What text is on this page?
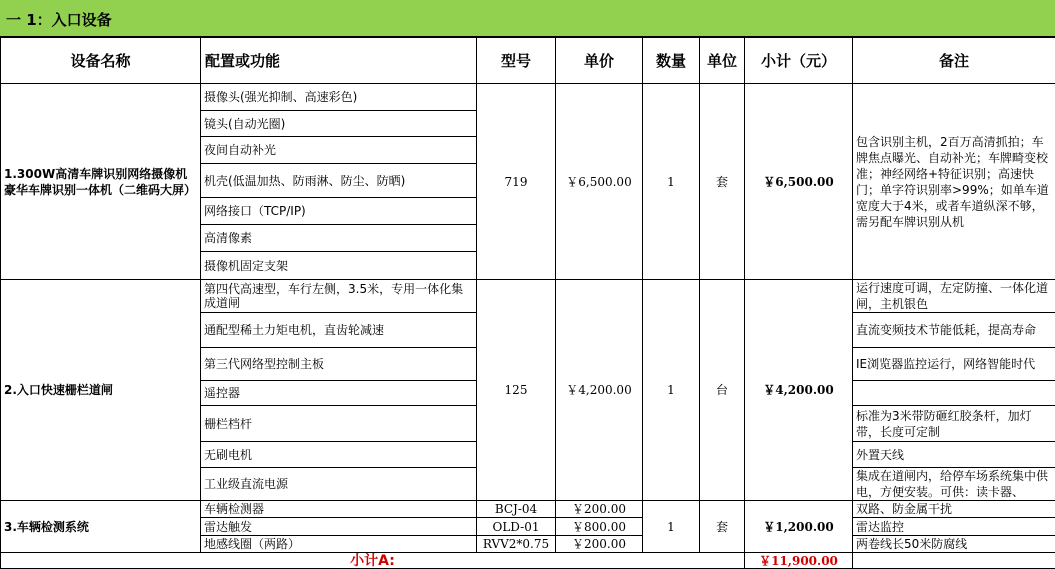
一 1：入口设备
设备名称	配置或功能	型号	单价	数量	单位	小计（元）	备注
1.300W高清车牌识别网络摄像机豪华车牌识别一体机（二维码大屏）	摄像头(强光抑制、高速彩色)	719	￥6,500.00	1	套	￥6,500.00	包含识别主机，2百万高清抓拍；车牌焦点曝光、自动补光；车牌畸变校准；神经网络+特征识别；高速快门；单字符识别率>99%；如单车道宽度大于4米，或者车道纵深不够，需另配车牌识别从机
	镜头(自动光圈)						
	夜间自动补光						
	机壳(低温加热、防雨淋、防尘、防晒)						
	网络接口（TCP/IP)						
	高清像素						
	摄像机固定支架						
2.入口快速栅栏道闸	第四代高速型，车行左侧，3.5米，专用一体化集成道闸	125	￥4,200.00	1	台	￥4,200.00	运行速度可调，左定防撞、一体化道闸，主机银色
	通配型稀土力矩电机，直齿轮减速						直流变频技术节能低耗，提高寿命
	第三代网络型控制主板						IE浏览器监控运行，网络智能时代
	遥控器						
	栅栏档杆						标准为3米带防砸红胶条杆，加灯带，长度可定制
	无刷电机						外置天线
	工业级直流电源						集成在道闸内，给停车场系统集中供电，方便安装。可供：读卡器、
3.车辆检测系统	车辆检测器	BCJ-04	￥200.00	1	套	￥1,200.00	双路、防金属干扰
	雷达触发	OLD-01	￥800.00				雷达监控
	地感线圈（两路）	RVV2*0.75	￥200.00				两卷线长50米防腐线
小计A:						￥11,900.00	
